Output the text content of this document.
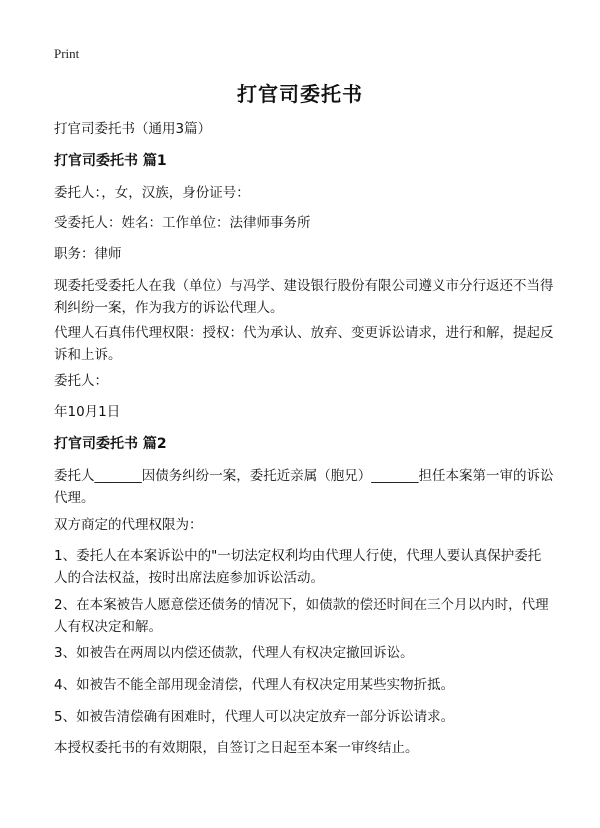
Print
打官司委托书
打官司委托书（通用3篇）
打官司委托书 篇1
委托人：，女，汉族，身份证号：
受委托人：姓名：工作单位：法律师事务所
职务：律师
现委托受委托人在我（单位）与冯学、建设银行股份有限公司遵义市分行返还不当得利纠纷一案，作为我方的诉讼代理人。
代理人石真伟代理权限：授权：代为承认、放弃、变更诉讼请求，进行和解，提起反诉和上诉。
委托人：
年10月1日
打官司委托书 篇2
委托人_______因债务纠纷一案，委托近亲属（胞兄）_______担任本案第一审的诉讼代理。
双方商定的代理权限为：
1、委托人在本案诉讼中的"一切法定权利均由代理人行使，代理人要认真保护委托人的合法权益，按时出席法庭参加诉讼活动。
2、在本案被告人愿意偿还债务的情况下，如债款的偿还时间在三个月以内时，代理人有权决定和解。
3、如被告在两周以内偿还债款，代理人有权决定撤回诉讼。
4、如被告不能全部用现金清偿，代理人有权决定用某些实物折抵。
5、如被告清偿确有困难时，代理人可以决定放弃一部分诉讼请求。
本授权委托书的有效期限，自签订之日起至本案一审终结止。
